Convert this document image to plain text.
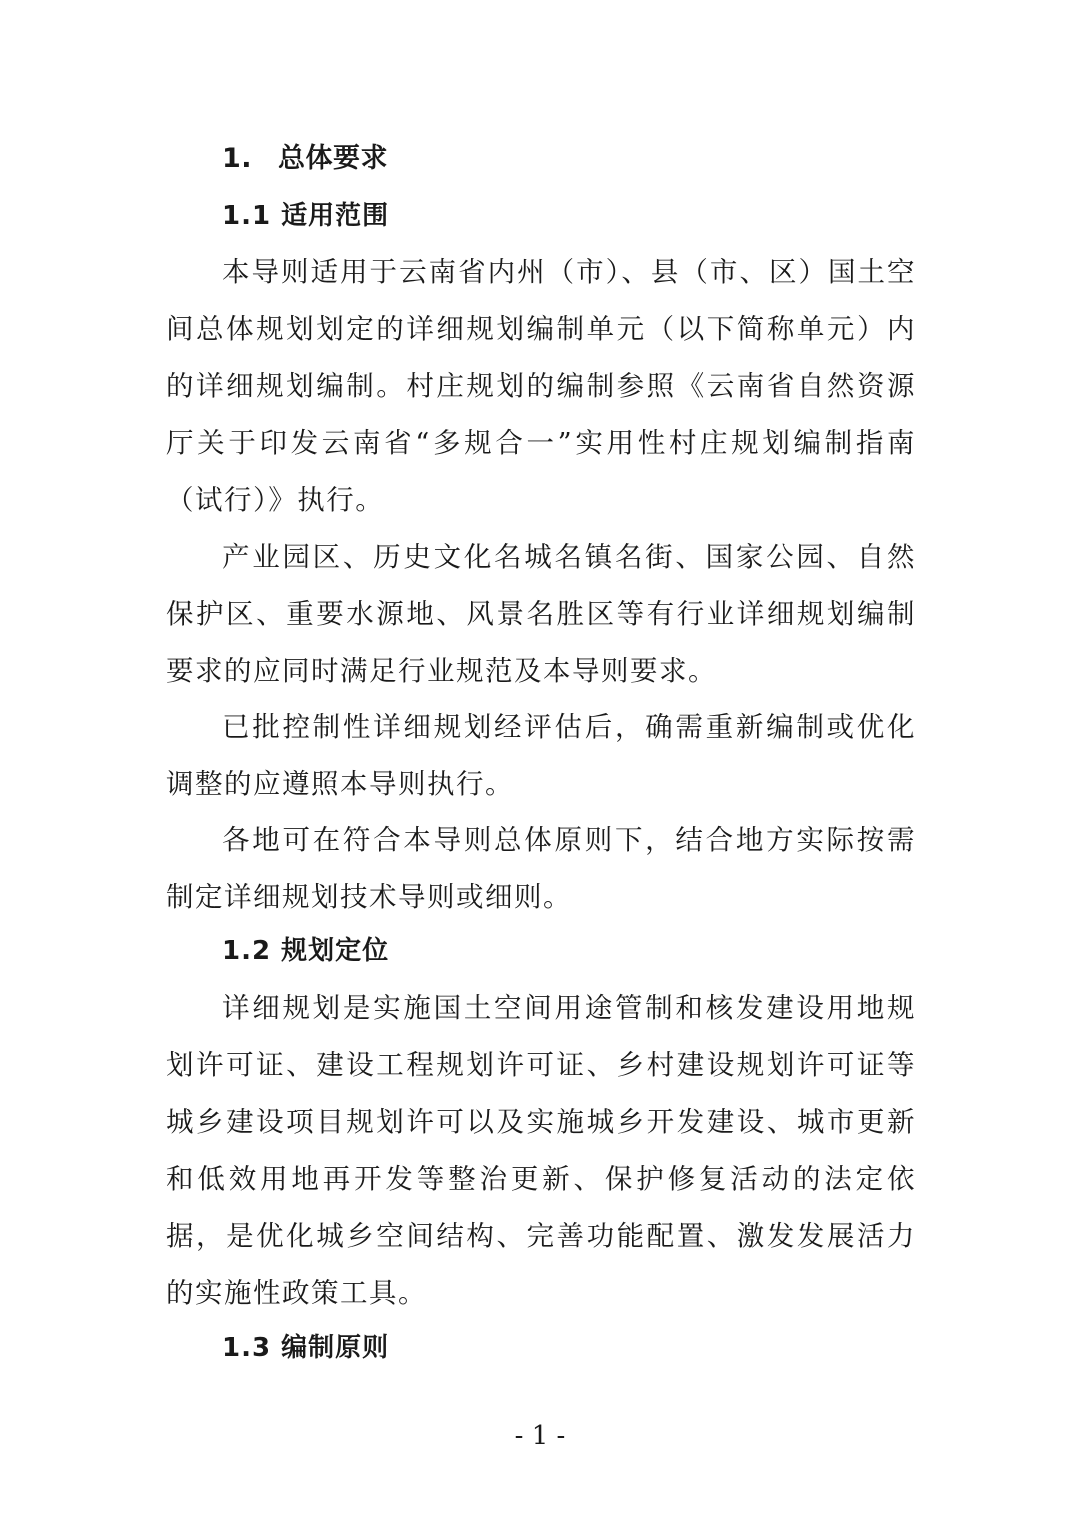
1. 总体要求
1.1 适用范围

本导则适用于云南省内州（市）、县（市、区）国土空间总体规划划定的详细规划编制单元（以下简称单元）内的详细规划编制。村庄规划的编制参照《云南省自然资源厅关于印发云南省“多规合一”实用性村庄规划编制指南（试行）》执行。

产业园区、历史文化名城名镇名街、国家公园、自然保护区、重要水源地、风景名胜区等有行业详细规划编制要求的应同时满足行业规范及本导则要求。

已批控制性详细规划经评估后，确需重新编制或优化调整的应遵照本导则执行。

各地可在符合本导则总体原则下，结合地方实际按需制定详细规划技术导则或细则。

1.2 规划定位

详细规划是实施国土空间用途管制和核发建设用地规划许可证、建设工程规划许可证、乡村建设规划许可证等城乡建设项目规划许可以及实施城乡开发建设、城市更新和低效用地再开发等整治更新、保护修复活动的法定依据，是优化城乡空间结构、完善功能配置、激发发展活力的实施性政策工具。

1.3 编制原则
- 1 -
